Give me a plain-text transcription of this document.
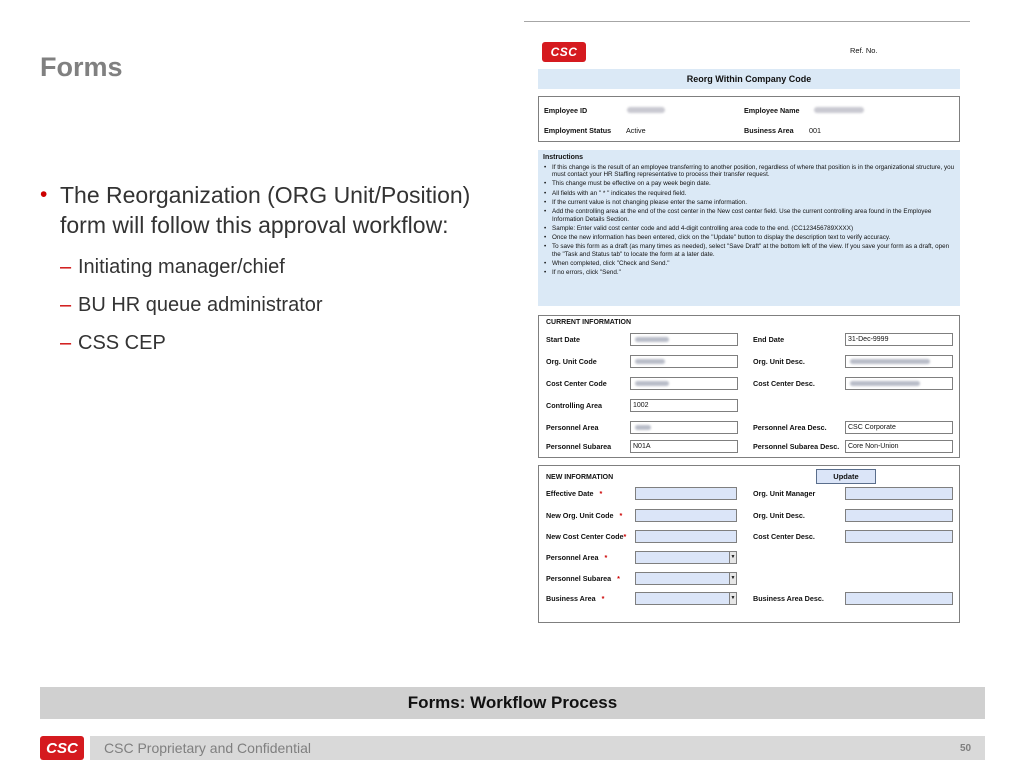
Forms
• The Reorganization (ORG Unit/Position) form will follow this approval workflow:
– Initiating manager/chief
– BU HR queue administrator
– CSS CEP
CSC	Ref. No.
Reorg Within Company Code
Employee ID	Employee Name
Employment Status Active	Business Area 001
Instructions
• If this change is the result of an employee transferring to another position, regardless of where that position is in the organizational structure, you must contact your HR Staffing representative to process their transfer request.
• This change must be effective on a pay week begin date.
• All fields with an " * " indicates the required field.
• If the current value is not changing please enter the same information.
• Add the controlling area at the end of the cost center in the New cost center field. Use the current controlling area found in the Employee Information Details Section.
• Sample: Enter valid cost center code and add 4-digit controlling area code to the end. (CC123456789XXXX)
• Once the new information has been entered, click on the "Update" button to display the description text to verify accuracy.
• To save this form as a draft (as many times as needed), select "Save Draft" at the bottom left of the view. If you save your form as a draft, open the "Task and Status tab" to locate the form at a later date.
• When completed, click "Check and Send."
• If no errors, click "Send."
CURRENT INFORMATION
Start Date	End Date	31-Dec-9999
Org. Unit Code	Org. Unit Desc.
Cost Center Code	Cost Center Desc.
Controlling Area	1002
Personnel Area	Personnel Area Desc.	CSC Corporate
Personnel Subarea	N01A	Personnel Subarea Desc.	Core Non-Union
NEW INFORMATION	Update
Effective Date *	Org. Unit Manager
New Org. Unit Code *	Org. Unit Desc.
New Cost Center Code*	Cost Center Desc.
Personnel Area *	▼
Personnel Subarea *	▼
Business Area *	▼ Business Area Desc.
Forms: Workflow Process
CSC	CSC Proprietary and Confidential	50
